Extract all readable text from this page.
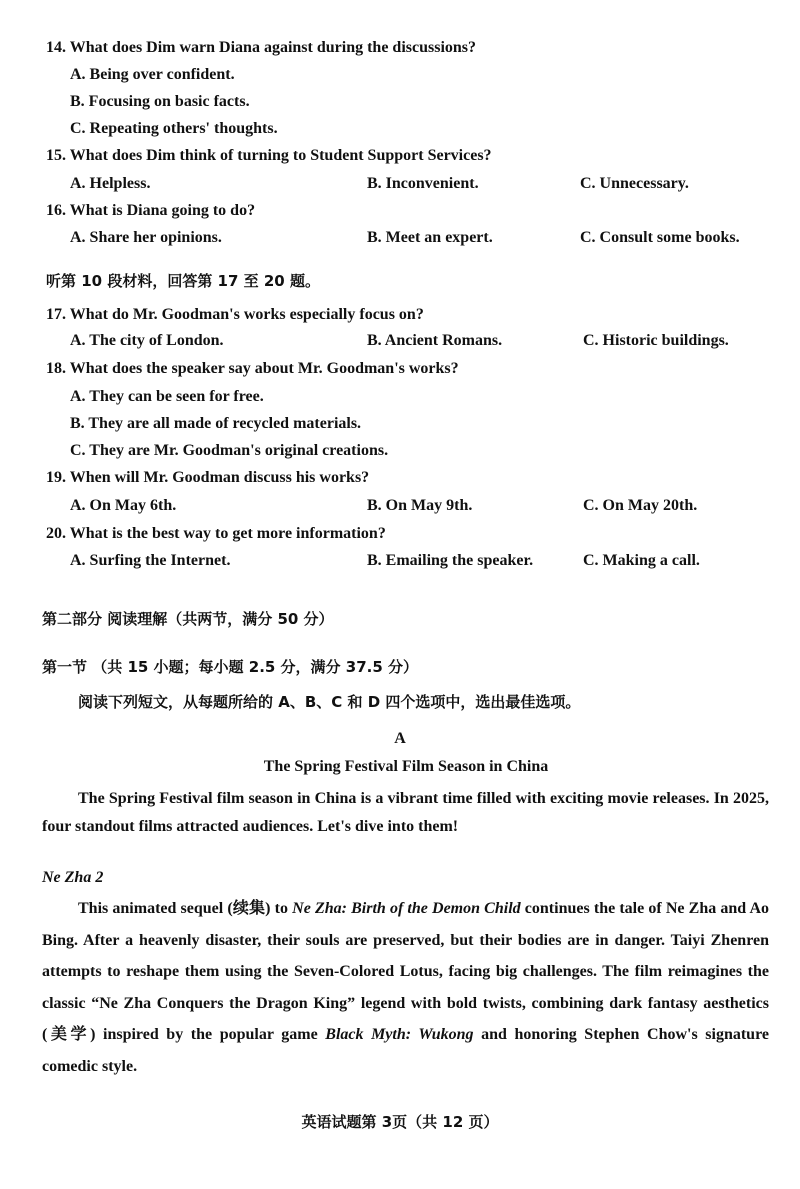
14. What does Dim warn Diana against during the discussions?
A. Being over confident.
B. Focusing on basic facts.
C. Repeating others' thoughts.
15. What does Dim think of turning to Student Support Services?
A. Helpless.	B. Inconvenient.	C. Unnecessary.
16. What is Diana going to do?
A. Share her opinions.	B. Meet an expert.	C. Consult some books.
听第 10 段材料，回答第 17 至 20 题。
17. What do Mr. Goodman's works especially focus on?
A. The city of London.	B. Ancient Romans.	C. Historic buildings.
18. What does the speaker say about Mr. Goodman's works?
A. They can be seen for free.
B. They are all made of recycled materials.
C. They are Mr. Goodman's original creations.
19. When will Mr. Goodman discuss his works?
A. On May 6th.	B. On May 9th.	C. On May 20th.
20. What is the best way to get more information?
A. Surfing the Internet.	B. Emailing the speaker.	C. Making a call.
第二部分 阅读理解（共两节，满分 50 分）
第一节 （共 15 小题；每小题 2.5 分，满分 37.5 分）
阅读下列短文，从每题所给的 A、B、C 和 D 四个选项中，选出最佳选项。
A
The Spring Festival Film Season in China

The Spring Festival film season in China is a vibrant time filled with exciting movie releases. In 2025, four standout films attracted audiences. Let's dive into them!

Ne Zha 2

This animated sequel (续集) to Ne Zha: Birth of the Demon Child continues the tale of Ne Zha and Ao Bing. After a heavenly disaster, their souls are preserved, but their bodies are in danger. Taiyi Zhenren attempts to reshape them using the Seven-Colored Lotus, facing big challenges. The film reimagines the classic “Ne Zha Conquers the Dragon King” legend with bold twists, combining dark fantasy aesthetics (美学) inspired by the popular game Black Myth: Wukong and honoring Stephen Chow's signature comedic style.

英语试题第 3页（共 12 页）
